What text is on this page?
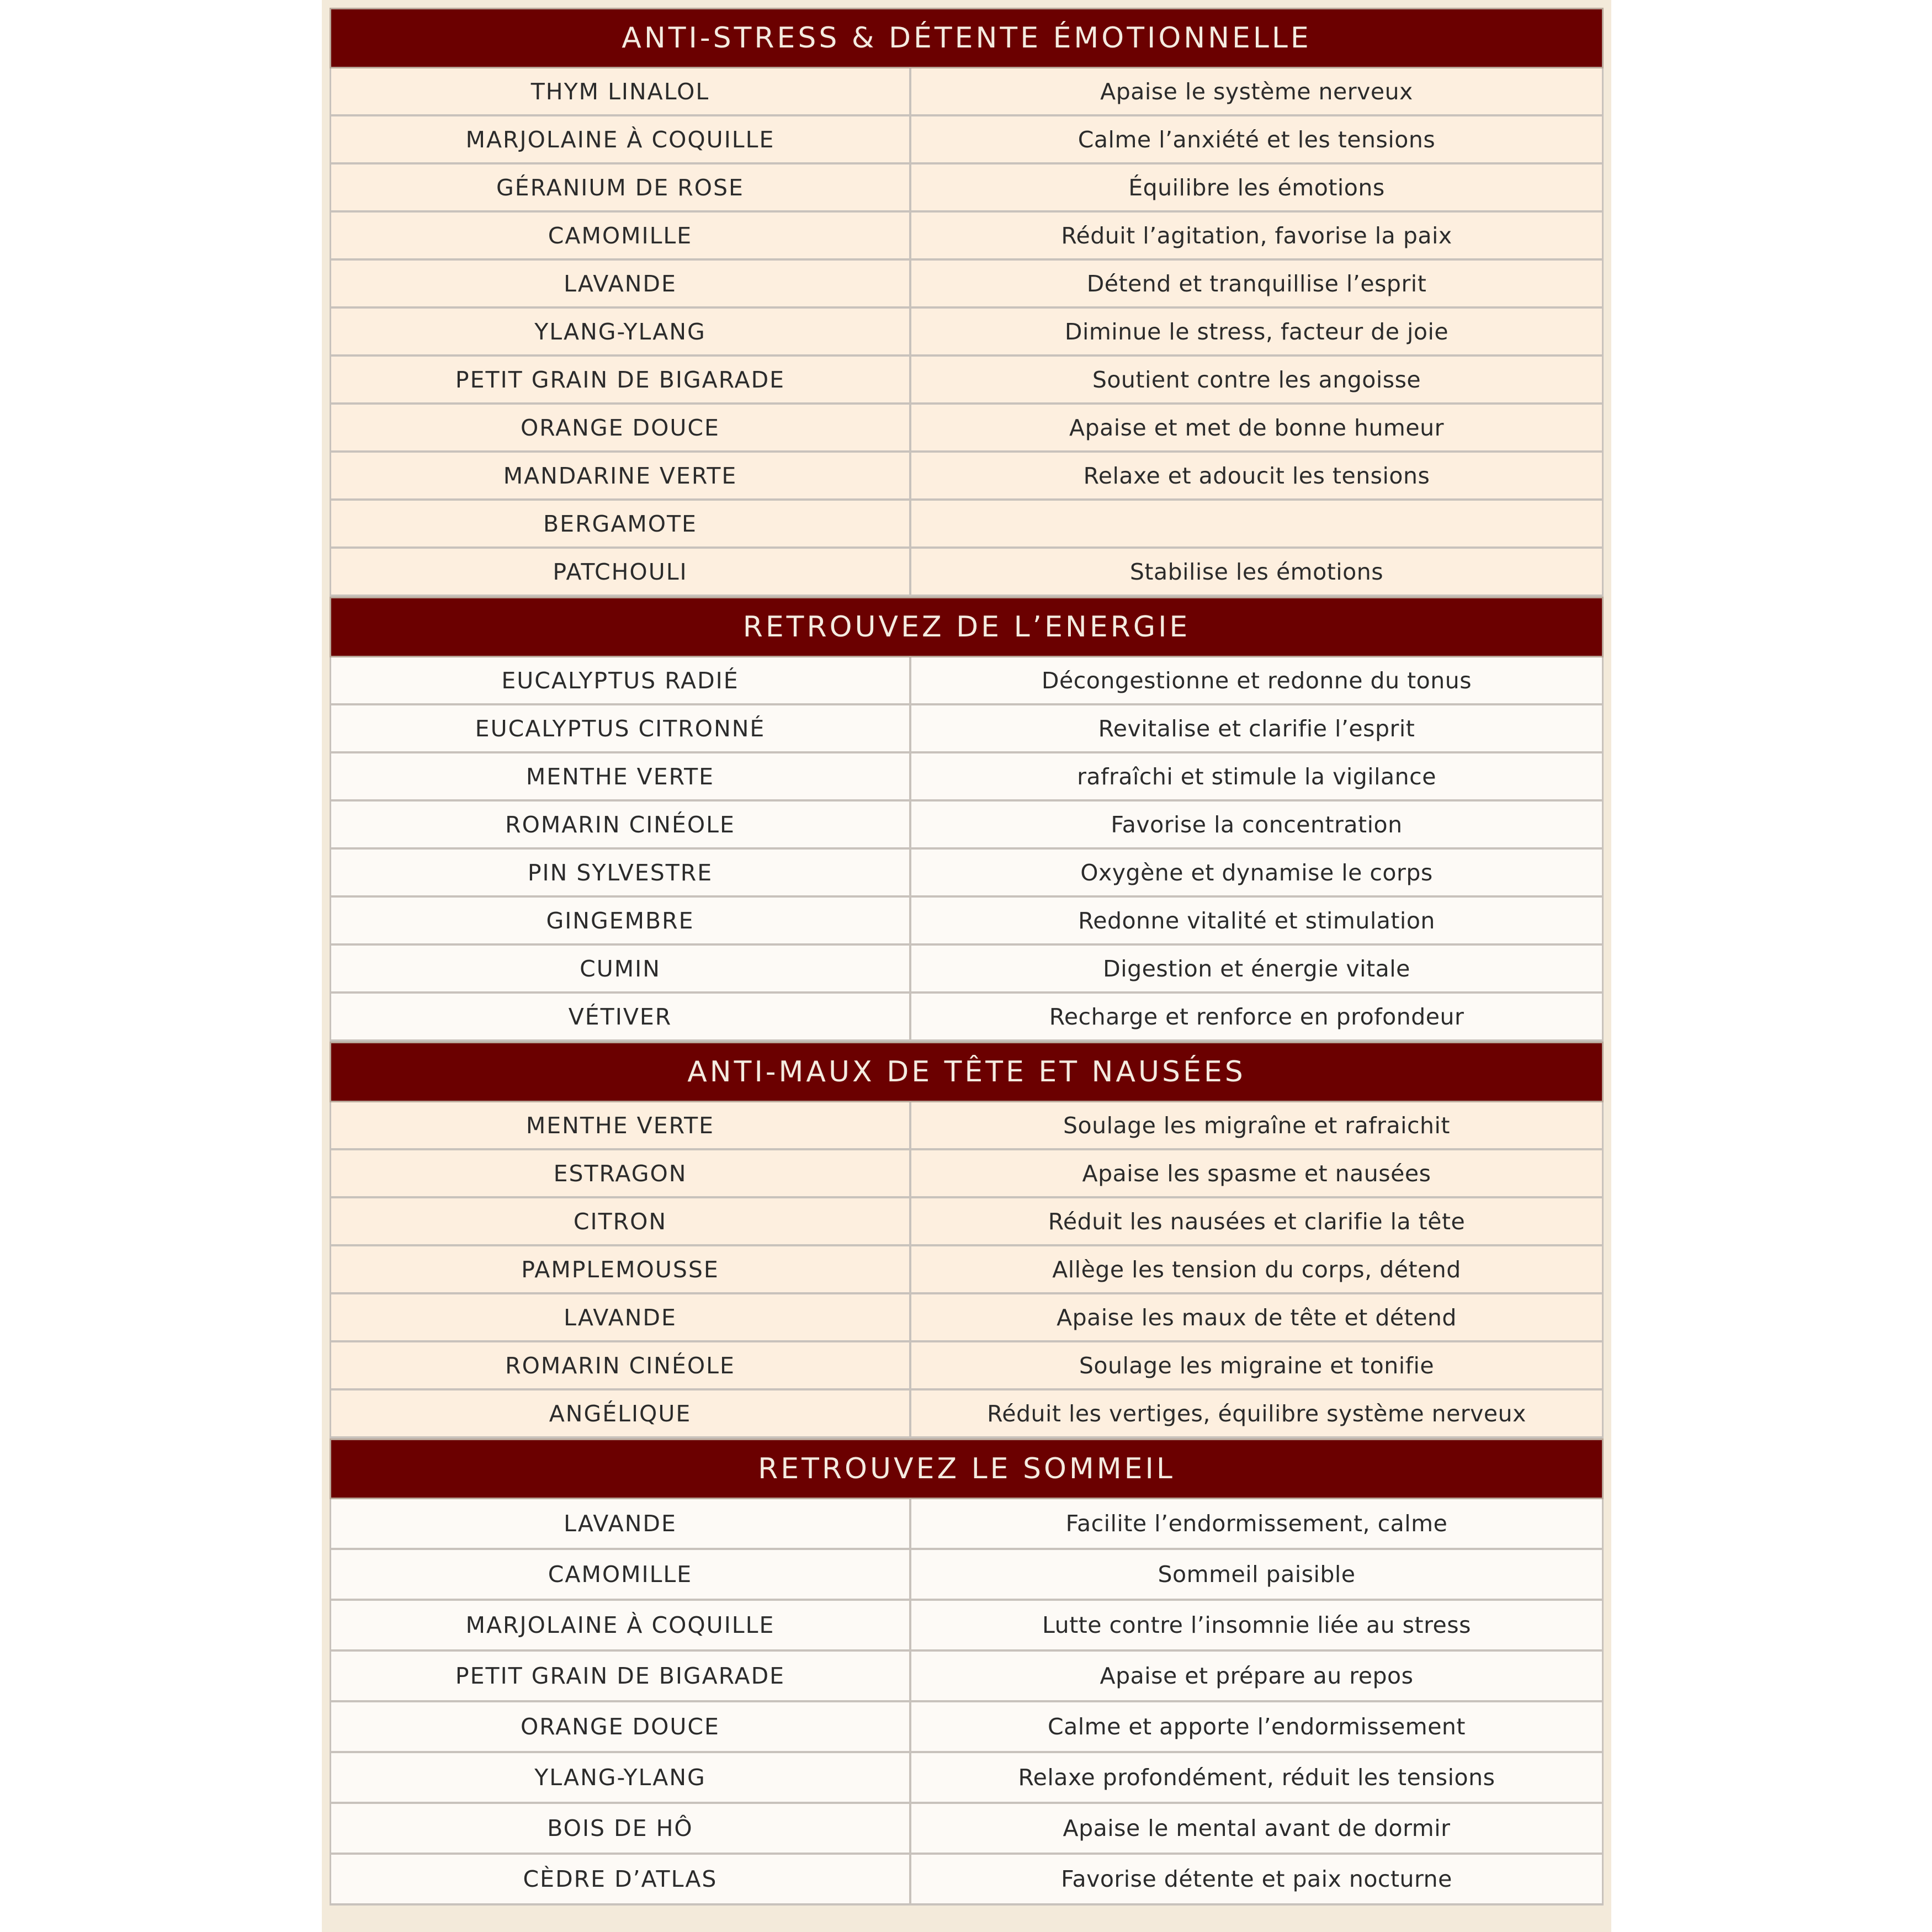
ANTI-STRESS & DÉTENTE ÉMOTIONNELLE
THYM LINALOL	Apaise le système nerveux
MARJOLAINE À COQUILLE	Calme l’anxiété et les tensions
GÉRANIUM DE ROSE	Équilibre les émotions
CAMOMILLE	Réduit l’agitation, favorise la paix
LAVANDE	Détend et tranquillise l’esprit
YLANG-YLANG	Diminue le stress, facteur de joie
PETIT GRAIN DE BIGARADE	Soutient contre les angoisse
ORANGE DOUCE	Apaise et met de bonne humeur
MANDARINE VERTE	Relaxe et adoucit les tensions
BERGAMOTE
PATCHOULI	Stabilise les émotions
RETROUVEZ DE L’ENERGIE
EUCALYPTUS RADIÉ	Décongestionne et redonne du tonus
EUCALYPTUS CITRONNÉ	Revitalise et clarifie l’esprit
MENTHE VERTE	rafraîchi et stimule la vigilance
ROMARIN CINÉOLE	Favorise la concentration
PIN SYLVESTRE	Oxygène et dynamise le corps
GINGEMBRE	Redonne vitalité et stimulation
CUMIN	Digestion et énergie vitale
VÉTIVER	Recharge et renforce en profondeur
ANTI-MAUX DE TÊTE ET NAUSÉES
MENTHE VERTE	Soulage les migraîne et rafraichit
ESTRAGON	Apaise les spasme et nausées
CITRON	Réduit les nausées et clarifie la tête
PAMPLEMOUSSE	Allège les tension du corps, détend
LAVANDE	Apaise les maux de tête et détend
ROMARIN CINÉOLE	Soulage les migraine et tonifie
ANGÉLIQUE	Réduit les vertiges, équilibre système nerveux
RETROUVEZ LE SOMMEIL
LAVANDE	Facilite l’endormissement, calme
CAMOMILLE	Sommeil paisible
MARJOLAINE À COQUILLE	Lutte contre l’insomnie liée au stress
PETIT GRAIN DE BIGARADE	Apaise et prépare au repos
ORANGE DOUCE	Calme et apporte l’endormissement
YLANG-YLANG	Relaxe profondément, réduit les tensions
BOIS DE HÔ	Apaise le mental avant de dormir
CÈDRE D’ATLAS	Favorise détente et paix nocturne
